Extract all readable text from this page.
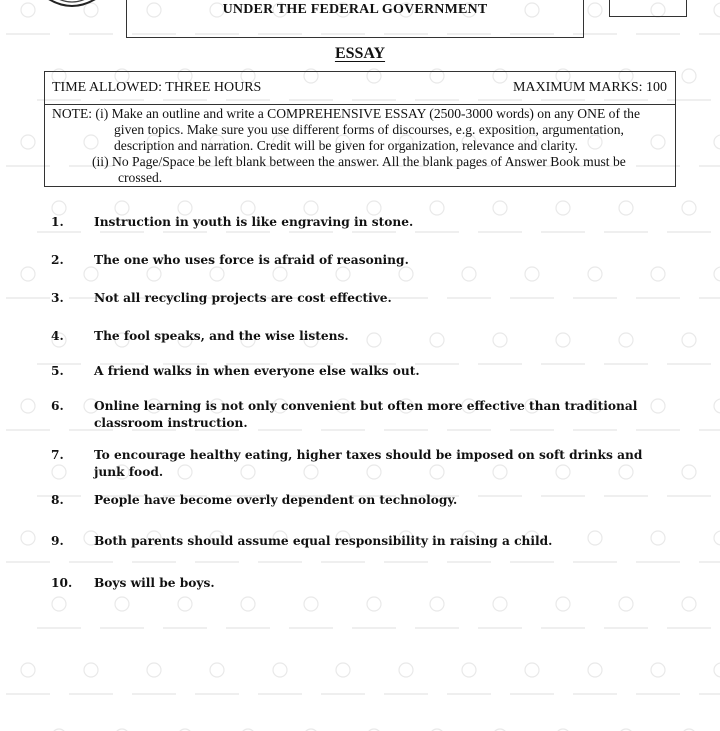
UNDER THE FEDERAL GOVERNMENT
ESSAY
TIME ALLOWED: THREE HOURS	MAXIMUM MARKS: 100
NOTE: (i) Make an outline and write a COMPREHENSIVE ESSAY (2500-3000 words) on any ONE of the
given topics. Make sure you use different forms of discourses, e.g. exposition, argumentation,
description and narration. Credit will be given for organization, relevance and clarity.
(ii) No Page/Space be left blank between the answer. All the blank pages of Answer Book must be
crossed.
1. Instruction in youth is like engraving in stone.
2. The one who uses force is afraid of reasoning.
3. Not all recycling projects are cost effective.
4. The fool speaks, and the wise listens.
5. A friend walks in when everyone else walks out.
6. Online learning is not only convenient but often more effective than traditional classroom instruction.
7. To encourage healthy eating, higher taxes should be imposed on soft drinks and junk food.
8. People have become overly dependent on technology.
9. Both parents should assume equal responsibility in raising a child.
10. Boys will be boys.
